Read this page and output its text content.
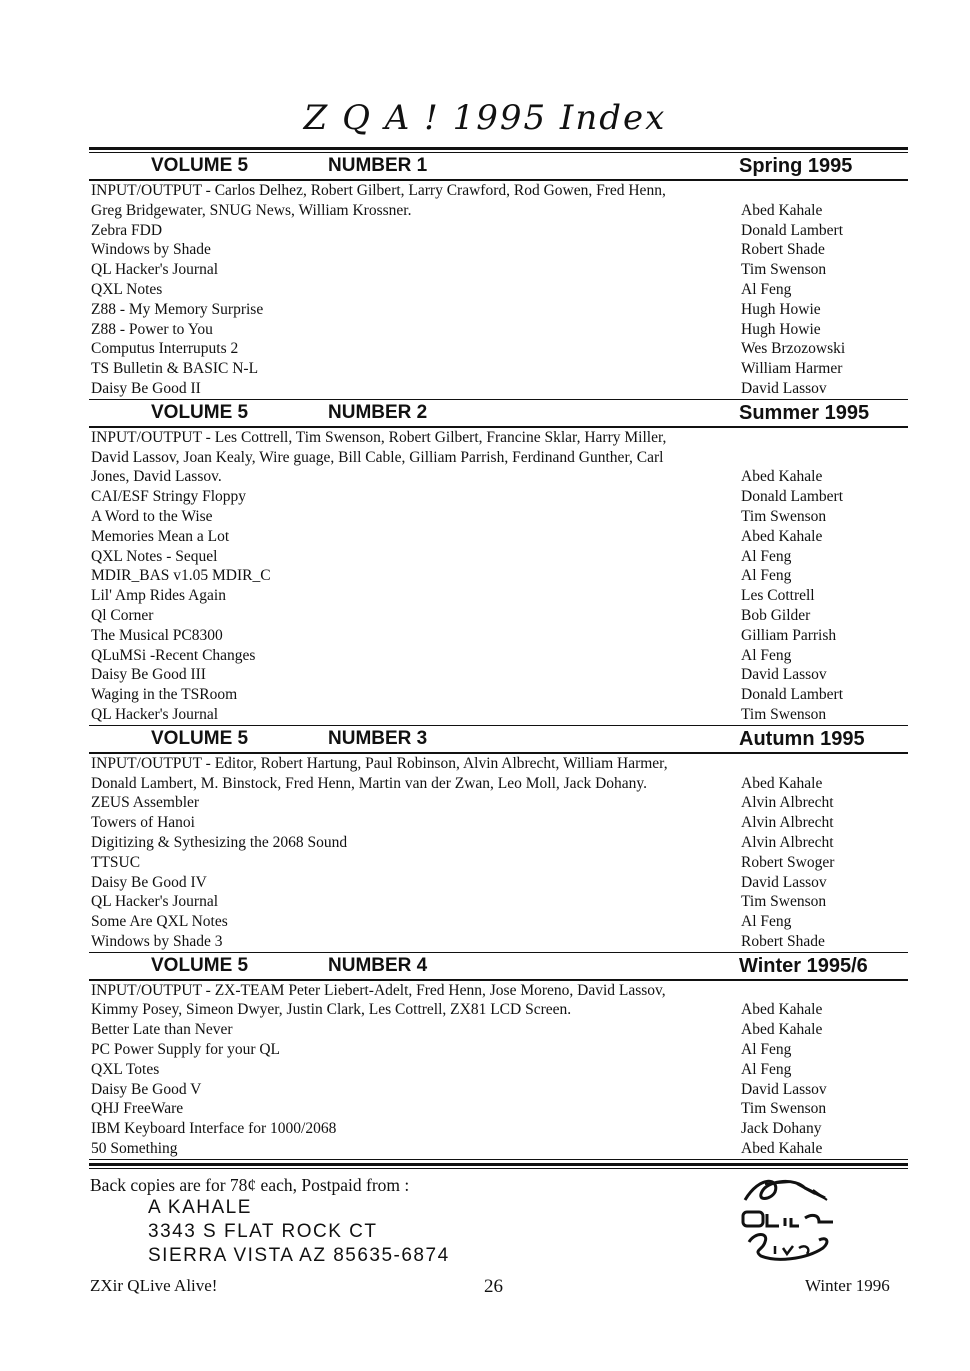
Z Q A ! 1995 Index
VOLUME 5	NUMBER 1	Spring 1995
INPUT/OUTPUT - Carlos Delhez, Robert Gilbert, Larry Crawford, Rod Gowen, Fred Henn,
Greg Bridgewater, SNUG News, William Krossner.	Abed Kahale
Zebra FDD	Donald Lambert
Windows by Shade	Robert Shade
QL Hacker's Journal	Tim Swenson
QXL Notes	Al Feng
Z88 - My Memory Surprise	Hugh Howie
Z88 - Power to You	Hugh Howie
Computus Interruputs 2	Wes Brzozowski
TS Bulletin & BASIC N-L	William Harmer
Daisy Be Good II	David Lassov
VOLUME 5	NUMBER 2	Summer 1995
INPUT/OUTPUT - Les Cottrell, Tim Swenson, Robert Gilbert, Francine Sklar, Harry Miller,
David Lassov, Joan Kealy, Wire guage, Bill Cable, Gilliam Parrish, Ferdinand Gunther, Carl
Jones, David Lassov.	Abed Kahale
CAI/ESF Stringy Floppy	Donald Lambert
A Word to the Wise	Tim Swenson
Memories Mean a Lot	Abed Kahale
QXL Notes - Sequel	Al Feng
MDIR_BAS v1.05 MDIR_C	Al Feng
Lil' Amp Rides Again	Les Cottrell
Ql Corner	Bob Gilder
The Musical PC8300	Gilliam Parrish
QLuMSi -Recent Changes	Al Feng
Daisy Be Good III	David Lassov
Waging in the TSRoom	Donald Lambert
QL Hacker's Journal	Tim Swenson
VOLUME 5	NUMBER 3	Autumn 1995
INPUT/OUTPUT - Editor, Robert Hartung, Paul Robinson, Alvin Albrecht, William Harmer,
Donald Lambert, M. Binstock, Fred Henn, Martin van der Zwan, Leo Moll, Jack Dohany.	Abed Kahale
ZEUS Assembler	Alvin Albrecht
Towers of Hanoi	Alvin Albrecht
Digitizing & Sythesizing the 2068 Sound	Alvin Albrecht
TTSUC	Robert Swoger
Daisy Be Good IV	David Lassov
QL Hacker's Journal	Tim Swenson
Some Are QXL Notes	Al Feng
Windows by Shade 3	Robert Shade
VOLUME 5	NUMBER 4	Winter 1995/6
INPUT/OUTPUT - ZX-TEAM Peter Liebert-Adelt, Fred Henn, Jose Moreno, David Lassov,
Kimmy Posey, Simeon Dwyer, Justin Clark, Les Cottrell, ZX81 LCD Screen.	Abed Kahale
Better Late than Never	Abed Kahale
PC Power Supply for your QL	Al Feng
QXL Totes	Al Feng
Daisy Be Good V	David Lassov
QHJ FreeWare	Tim Swenson
IBM Keyboard Interface for 1000/2068	Jack Dohany
50 Something	Abed Kahale
Back copies are for 78¢ each, Postpaid from :
A KAHALE
3343 S FLAT ROCK CT
SIERRA VISTA AZ 85635-6874
ZXir QLive Alive!	26	Winter 1996
